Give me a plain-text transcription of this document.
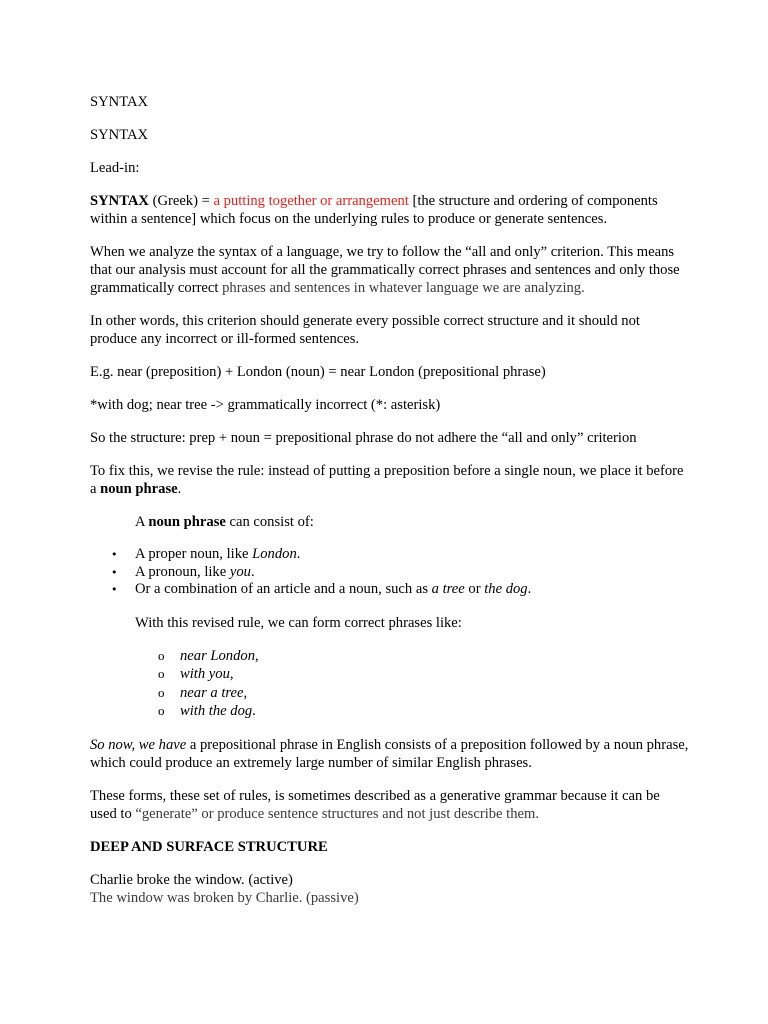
SYNTAX

SYNTAX

Lead-in:

SYNTAX (Greek) = a putting together or arrangement [the structure and ordering of components within a sentence] which focus on the underlying rules to produce or generate sentences.

When we analyze the syntax of a language, we try to follow the “all and only” criterion. This means that our analysis must account for all the grammatically correct phrases and sentences and only those grammatically correct phrases and sentences in whatever language we are analyzing.

In other words, this criterion should generate every possible correct structure and it should not produce any incorrect or ill-formed sentences.

E.g. near (preposition) + London (noun) = near London (prepositional phrase)

*with dog; near tree -> grammatically incorrect (*: asterisk)

So the structure: prep + noun = prepositional phrase do not adhere the “all and only” criterion

To fix this, we revise the rule: instead of putting a preposition before a single noun, we place it before a noun phrase.

A noun phrase can consist of:

• A proper noun, like London.
• A pronoun, like you.
• Or a combination of an article and a noun, such as a tree or the dog.

With this revised rule, we can form correct phrases like:

o near London,
o with you,
o near a tree,
o with the dog.

So now, we have a prepositional phrase in English consists of a preposition followed by a noun phrase, which could produce an extremely large number of similar English phrases.

These forms, these set of rules, is sometimes described as a generative grammar because it can be used to “generate” or produce sentence structures and not just describe them.

DEEP AND SURFACE STRUCTURE

Charlie broke the window. (active)

The window was broken by Charlie. (passive)
